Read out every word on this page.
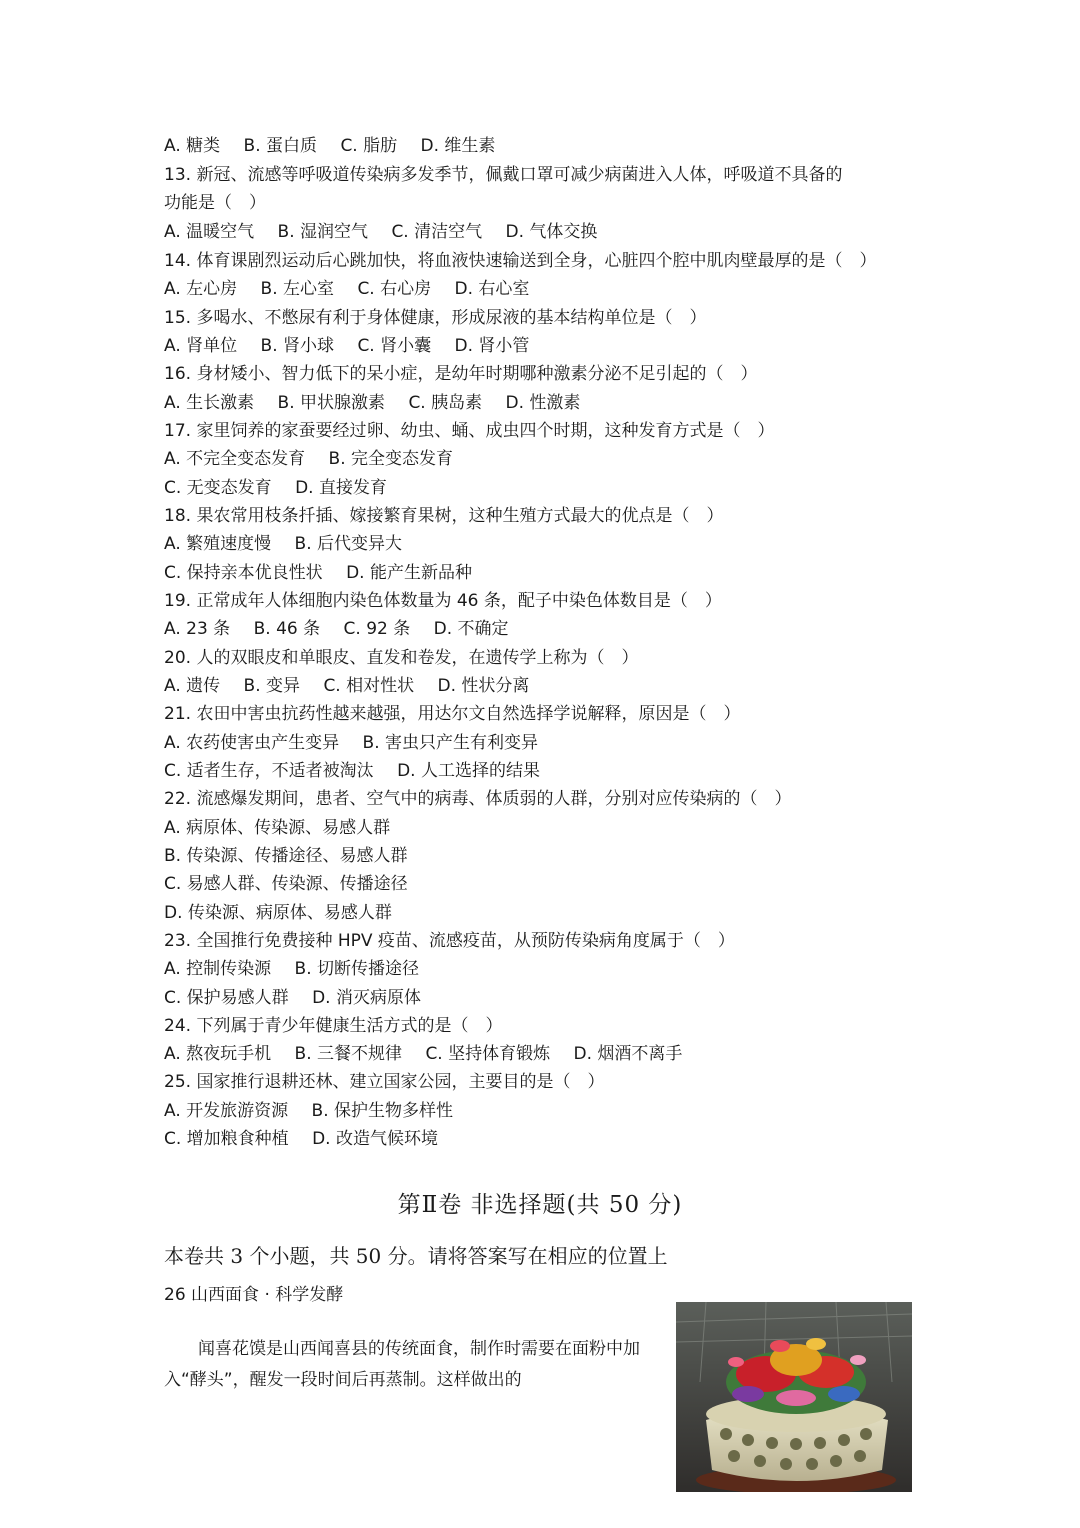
A. 糖类 B. 蛋白质 C. 脂肪 D. 维生素
13. 新冠、流感等呼吸道传染病多发季节，佩戴口罩可减少病菌进入人体，呼吸道不具备的
功能是（　）
A. 温暖空气 B. 湿润空气 C. 清洁空气 D. 气体交换
14. 体育课剧烈运动后心跳加快，将血液快速输送到全身，心脏四个腔中肌肉壁最厚的是（　）
A. 左心房 B. 左心室 C. 右心房 D. 右心室
15. 多喝水、不憋尿有利于身体健康，形成尿液的基本结构单位是（　）
A. 肾单位 B. 肾小球 C. 肾小囊 D. 肾小管
16. 身材矮小、智力低下的呆小症，是幼年时期哪种激素分泌不足引起的（　）
A. 生长激素 B. 甲状腺激素 C. 胰岛素 D. 性激素
17. 家里饲养的家蚕要经过卵、幼虫、蛹、成虫四个时期，这种发育方式是（　）
A. 不完全变态发育 B. 完全变态发育
C. 无变态发育 D. 直接发育
18. 果农常用枝条扦插、嫁接繁育果树，这种生殖方式最大的优点是（　）
A. 繁殖速度慢 B. 后代变异大
C. 保持亲本优良性状 D. 能产生新品种
19. 正常成年人体细胞内染色体数量为 46 条，配子中染色体数目是（　）
A. 23 条 B. 46 条 C. 92 条 D. 不确定
20. 人的双眼皮和单眼皮、直发和卷发，在遗传学上称为（　）
A. 遗传 B. 变异 C. 相对性状 D. 性状分离
21. 农田中害虫抗药性越来越强，用达尔文自然选择学说解释，原因是（　）
A. 农药使害虫产生变异 B. 害虫只产生有利变异
C. 适者生存，不适者被淘汰 D. 人工选择的结果
22. 流感爆发期间，患者、空气中的病毒、体质弱的人群，分别对应传染病的（　）
A. 病原体、传染源、易感人群
B. 传染源、传播途径、易感人群
C. 易感人群、传染源、传播途径
D. 传染源、病原体、易感人群
23. 全国推行免费接种 HPV 疫苗、流感疫苗，从预防传染病角度属于（　）
A. 控制传染源 B. 切断传播途径
C. 保护易感人群 D. 消灭病原体
24. 下列属于青少年健康生活方式的是（　）
A. 熬夜玩手机 B. 三餐不规律 C. 坚持体育锻炼 D. 烟酒不离手
25. 国家推行退耕还林、建立国家公园，主要目的是（　）
A. 开发旅游资源 B. 保护生物多样性
C. 增加粮食种植 D. 改造气候环境
第Ⅱ卷 非选择题(共 50 分)
本卷共 3 个小题，共 50 分。请将答案写在相应的位置上
26 山西面食 · 科学发酵
闻喜花馍是山西闻喜县的传统面食，制作时需要在面粉中加入“酵头”，醒发一段时间后再蒸制。这样做出的
